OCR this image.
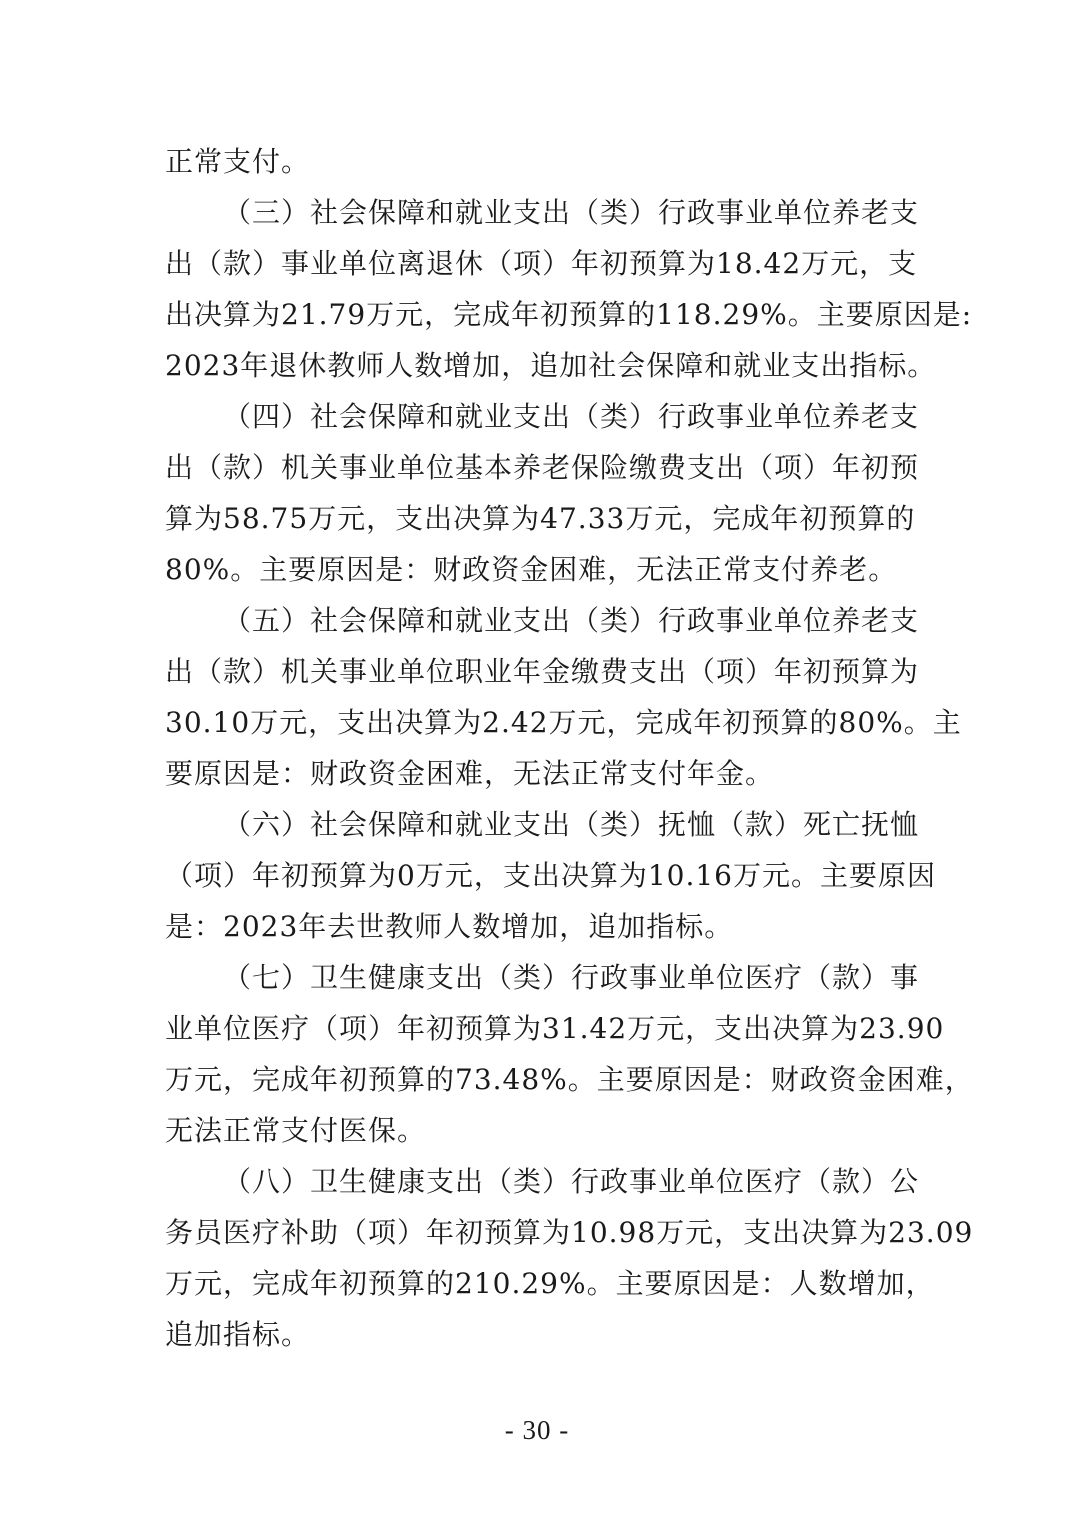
正常支付。
（三）社会保障和就业支出（类）行政事业单位养老支
出（款）事业单位离退休（项）年初预算为18.42万元，支
出决算为21.79万元，完成年初预算的118.29%。主要原因是:
2023年退休教师人数增加，追加社会保障和就业支出指标。
（四）社会保障和就业支出（类）行政事业单位养老支
出（款）机关事业单位基本养老保险缴费支出（项）年初预
算为58.75万元，支出决算为47.33万元，完成年初预算的
80%。主要原因是：财政资金困难，无法正常支付养老。
（五）社会保障和就业支出（类）行政事业单位养老支
出（款）机关事业单位职业年金缴费支出（项）年初预算为
30.10万元，支出决算为2.42万元，完成年初预算的80%。主
要原因是：财政资金困难，无法正常支付年金。
（六）社会保障和就业支出（类）抚恤（款）死亡抚恤
（项）年初预算为0万元，支出决算为10.16万元。主要原因
是：2023年去世教师人数增加，追加指标。
（七）卫生健康支出（类）行政事业单位医疗（款）事
业单位医疗（项）年初预算为31.42万元，支出决算为23.90
万元，完成年初预算的73.48%。主要原因是：财政资金困难，
无法正常支付医保。
（八）卫生健康支出（类）行政事业单位医疗（款）公
务员医疗补助（项）年初预算为10.98万元，支出决算为23.09
万元，完成年初预算的210.29%。主要原因是：人数增加，
追加指标。
- 30 -
